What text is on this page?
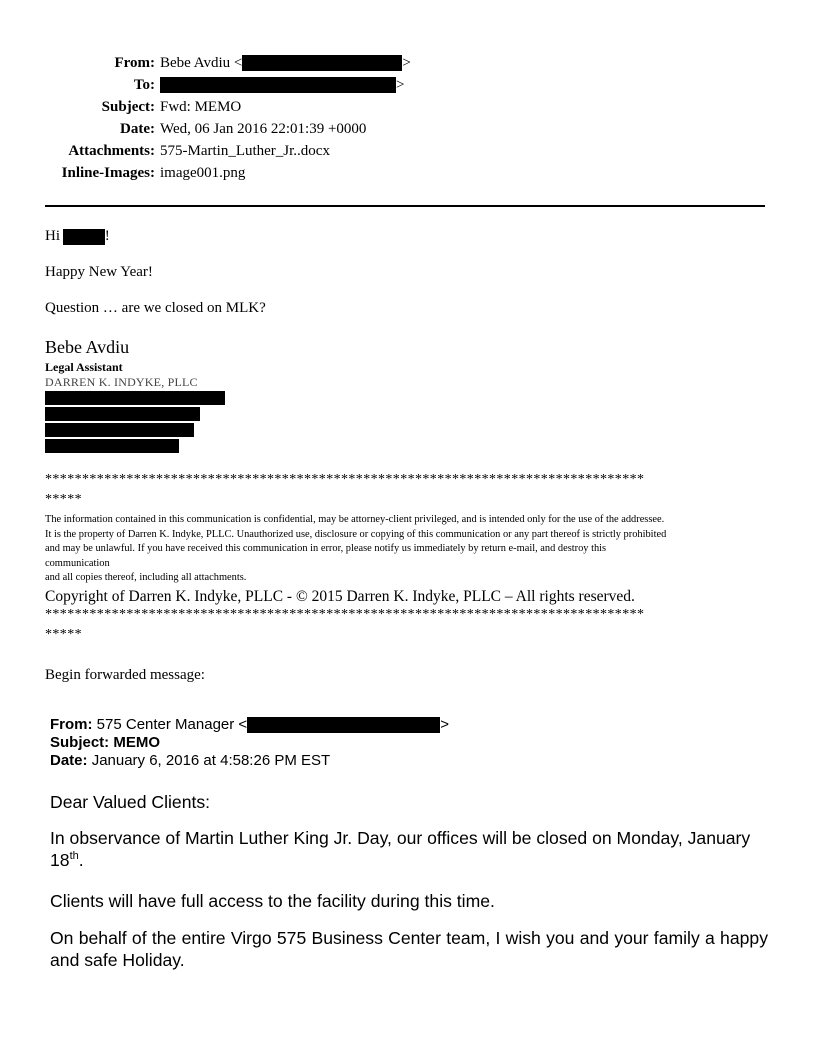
From: Bebe Avdiu <	>
To:	>
Subject: Fwd: MEMO
Date: Wed, 06 Jan 2016 22:01:39 +0000
Attachments: 575-Martin_Luther_Jr..docx
Inline-Images: image001.png
Hi	!
Happy New Year!
Question … are we closed on MLK?
Bebe Avdiu
Legal Assistant
DARREN K. INDYKE, PLLC
*********************************************************************************
*****
The information contained in this communication is confidential, may be attorney-client privileged, and is intended only for the use of the addressee.
It is the property of Darren K. Indyke, PLLC. Unauthorized use, disclosure or copying of this communication or any part thereof is strictly prohibited
and may be unlawful. If you have received this communication in error, please notify us immediately by return e-mail, and destroy this
communication
and all copies thereof, including all attachments.
Copyright of Darren K. Indyke, PLLC - © 2015 Darren K. Indyke, PLLC – All rights reserved.
*********************************************************************************
*****
Begin forwarded message:
From: 575 Center Manager <	>
Subject: MEMO
Date: January 6, 2016 at 4:58:26 PM EST
Dear Valued Clients:
In observance of Martin Luther King Jr. Day, our offices will be closed on Monday, January
18th.
Clients will have full access to the facility during this time.
On behalf of the entire Virgo 575 Business Center team, I wish you and your family a happy and safe Holiday.
